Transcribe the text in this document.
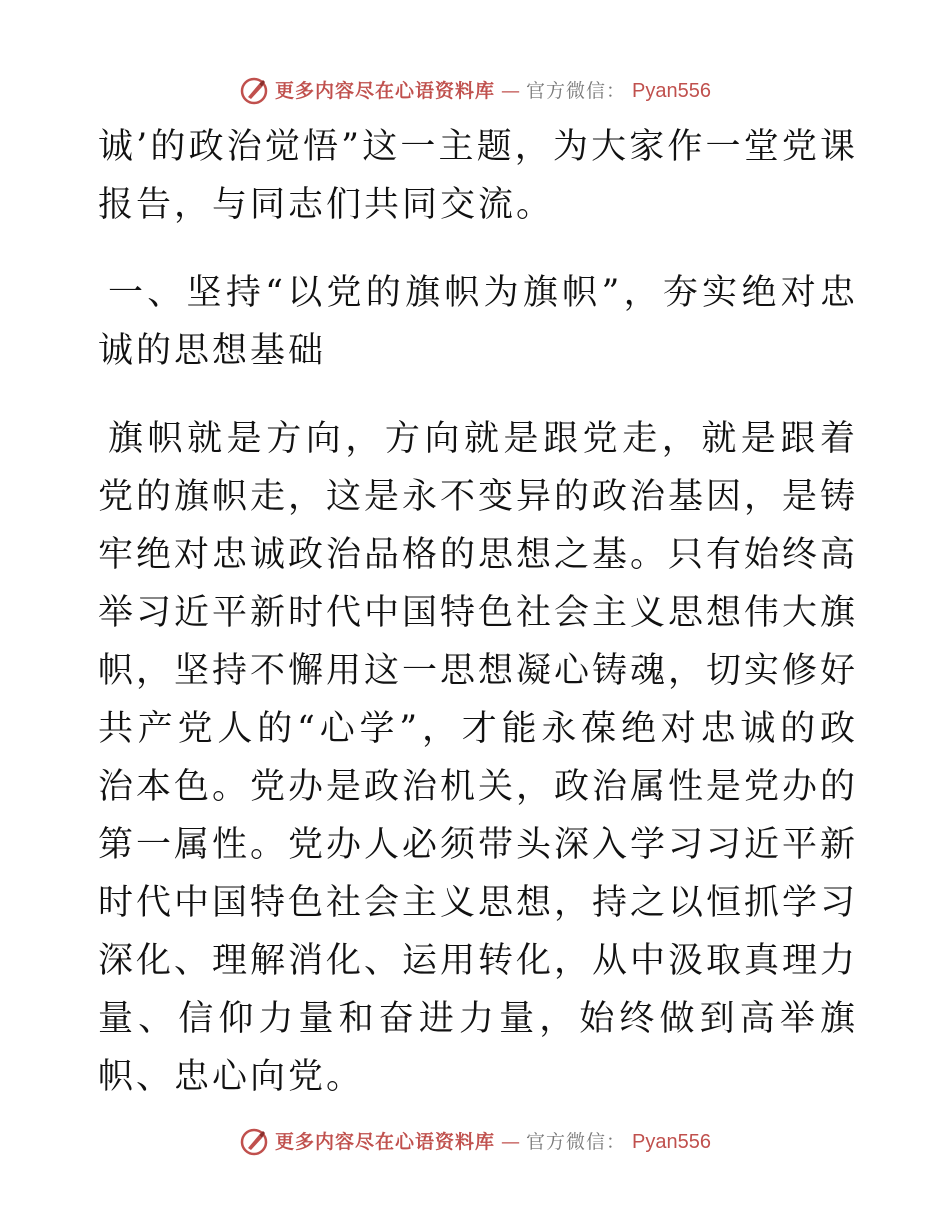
更多内容尽在心语资料库 — 官方微信： Pyan556

诚’的政治觉悟”这一主题，为大家作一堂党课报告，与同志们共同交流。

一、坚持“以党的旗帜为旗帜”，夯实绝对忠诚的思想基础

旗帜就是方向，方向就是跟党走，就是跟着党的旗帜走，这是永不变异的政治基因，是铸牢绝对忠诚政治品格的思想之基。只有始终高举习近平新时代中国特色社会主义思想伟大旗帜，坚持不懈用这一思想凝心铸魂，切实修好共产党人的“心学”，才能永葆绝对忠诚的政治本色。党办是政治机关，政治属性是党办的第一属性。党办人必须带头深入学习习近平新时代中国特色社会主义思想，持之以恒抓学习深化、理解消化、运用转化，从中汲取真理力量、信仰力量和奋进力量，始终做到高举旗帜、忠心向党。

更多内容尽在心语资料库 — 官方微信： Pyan556
